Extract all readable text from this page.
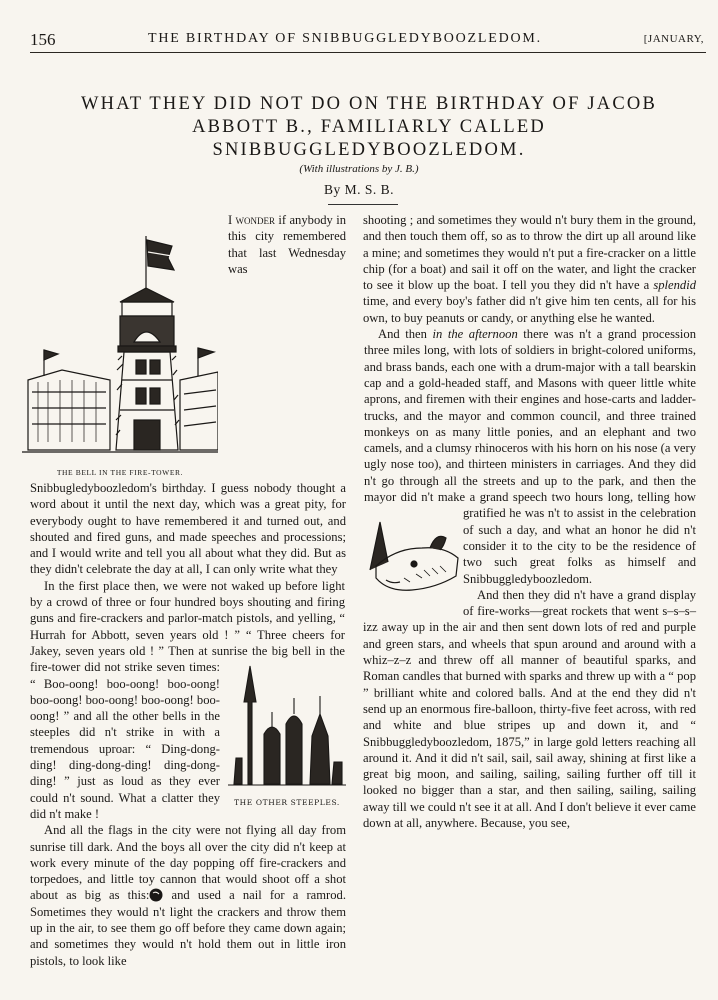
156	THE BIRTHDAY OF SNIBBUGGLEDYBOOZLEDOM.	[JANUARY,
WHAT THEY DID NOT DO ON THE BIRTHDAY OF JACOB ABBOTT B., FAMILIARLY CALLED SNIBBUGGLEDYBOOZLEDOM.
(With illustrations by J. B.)
By M. S. B.

I wonder if anybody in this city remembered that last Wednesday was Snibbugledyboozledom's birthday. I guess nobody thought a word about it until the next day, which was a great pity, for everybody ought to have remembered it and turned out, and shouted and fired guns, and made speeches and processions; and I would write and tell you all about what they did. But as they didn't celebrate the day at all, I can only write what they

THE BELL IN THE FIRE-TOWER.

In the first place then, we were not waked up before light by a crowd of three or four hundred boys shouting and firing guns and fire-crackers and parlor-match pistols, and yelling, “ Hurrah for Abbott, seven years old ! ” “ Three cheers for Jakey, seven years old ! ” Then at sunrise the big bell in the fire-tower did not strike seven times: “ Boo-oong! boo-oong! boo-oong! boo-oong! boo-oong! boo-oong! boo-oong! ” and all the other bells in the steeples did n't strike in with a tremendous uproar: “ Ding-dong-ding! ding-dong-ding! ding-dong-ding! ” just as loud as they ever could n't sound. What a clatter they did n't make !

And all the flags in the city were not flying all day from sunrise till dark. And the boys all over the city did n't keep at work every minute of the day popping off fire-crackers and torpedoes, and little toy cannon that would shoot off a shot about as big as this: and used a nail for a ramrod. Sometimes they would n't light the crackers and throw them up in the air, to see them go off before they came down again; and sometimes they would n't hold them out in little iron pistols, to look like

shooting ; and sometimes they would n't bury them in the ground, and then touch them off, so as to throw the dirt up all around like a mine; and sometimes they would n't put a fire-cracker on a little chip (for a boat) and sail it off on the water, and light the cracker to see it blow up the boat. I tell you they did n't have a splendid time, and every boy's father did n't give him ten cents, all for his own, to buy peanuts or candy, or anything else he wanted.

And then in the afternoon there was n't a grand procession three miles long, with lots of soldiers in bright-colored uniforms, and brass bands, each one with a drum-major with a tall bearskin cap and a gold-headed staff, and Masons with queer little white aprons, and firemen with their engines and hose-carts and ladder-trucks, and the mayor and common council, and three trained monkeys on as many little ponies, and an elephant and two camels, and a clumsy rhinoceros with his horn on his nose (a very ugly nose too), and thirteen ministers in carriages. And they did n't go through all the streets and up to the park, and then the mayor did n't make a grand speech two hours long, telling how gratified he was n't to assist in the celebration of such a day, and what an honor he did n't consider it to the city to be the residence of two such great folks as himself and Snibbuggledyboozledom.

And then they did n't have a grand display of fire-works—great rockets that went s–s–s–izz away up in the air and then sent down lots of red and purple and green stars, and wheels that spun around and around with a whiz–z–z and threw off all manner of beautiful sparks, and Roman candles that burned with sparks and threw up with a “ pop ” brilliant white and colored balls. And at the end they did n't send up an enormous fire-balloon, thirty-five feet across, with red and white and blue stripes up and down it, and “ Snibbuggledyboozledom, 1875,” in large gold letters reaching all around it. And it did n't sail, sail, sail away, shining at first like a great big moon, and sailing, sailing, sailing further off till it looked no bigger than a star, and then sailing, sailing, sailing away till we could n't see it at all. And I don't believe it ever came down at all, anywhere. Because, you see,

THE OTHER STEEPLES.
